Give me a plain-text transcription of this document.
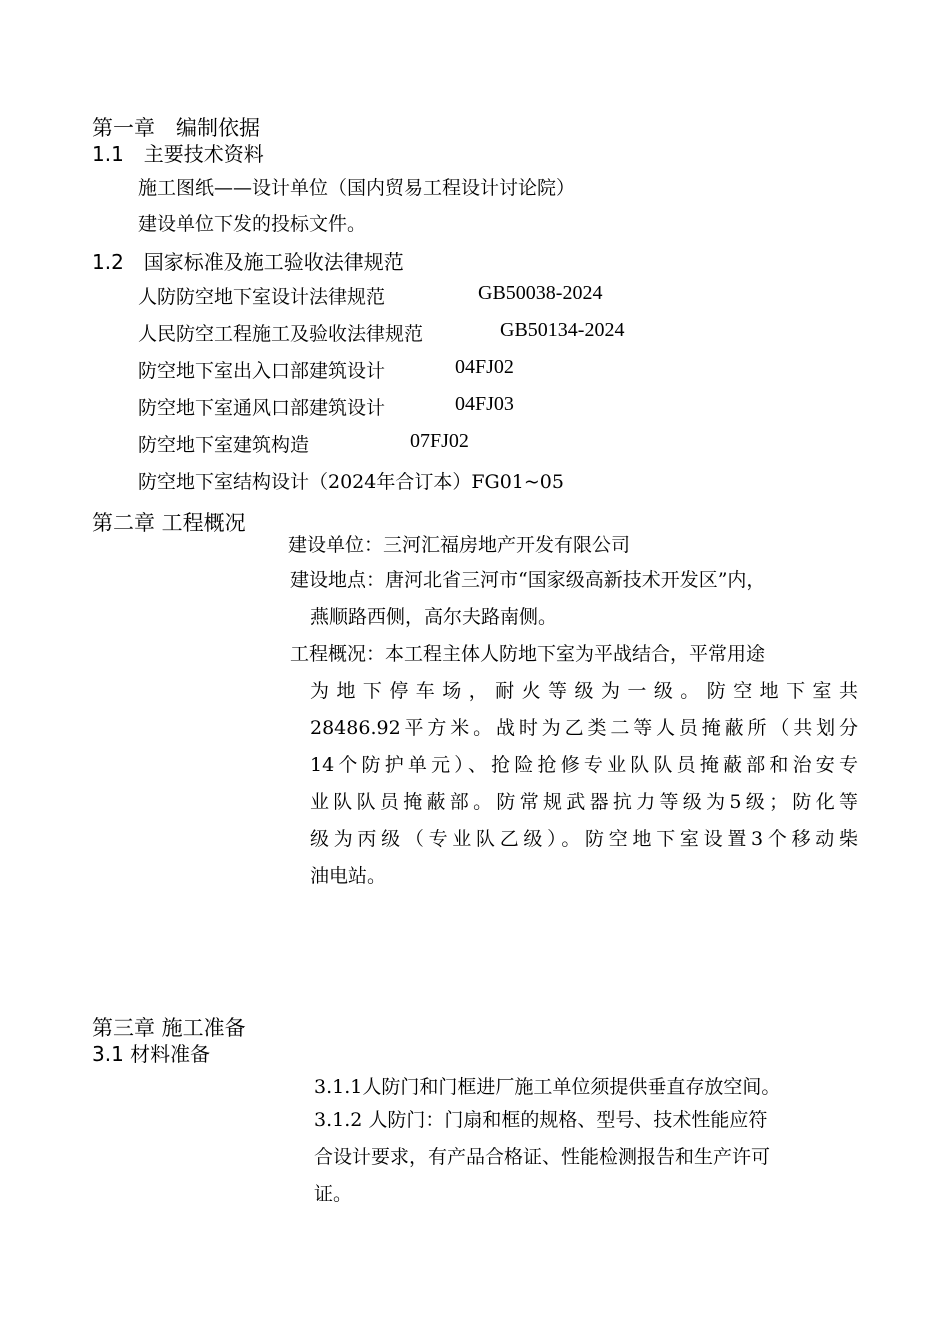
第一章　编制依据
1.1　主要技术资料
施工图纸——设计单位（国内贸易工程设计讨论院）
建设单位下发的投标文件。
1.2　国家标准及施工验收法律规范
人防防空地下室设计法律规范	GB50038-2024
人民防空工程施工及验收法律规范	GB50134-2024
防空地下室出入口部建筑设计	04FJ02
防空地下室通风口部建筑设计	04FJ03
防空地下室建筑构造	07FJ02
防空地下室结构设计（2024年合订本）FG01~05
第二章 工程概况
建设单位：三河汇福房地产开发有限公司
建设地点：唐河北省三河市“国家级高新技术开发区”内，
燕顺路西侧，高尔夫路南侧。
工程概况：本工程主体人防地下室为平战结合，平常用途
为地下停车场，耐火等级为一级。防空地下室共
28486.92平方米。战时为乙类二等人员掩蔽所（共划分
14个防护单元）、抢险抢修专业队队员掩蔽部和治安专
业队队员掩蔽部。防常规武器抗力等级为5级；防化等
级为丙级（专业队乙级）。防空地下室设置3个移动柴
油电站。
第三章 施工准备
3.1 材料准备
3.1.1人防门和门框进厂施工单位须提供垂直存放空间。
3.1.2 人防门：门扇和框的规格、型号、技术性能应符
合设计要求，有产品合格证、性能检测报告和生产许可
证。
